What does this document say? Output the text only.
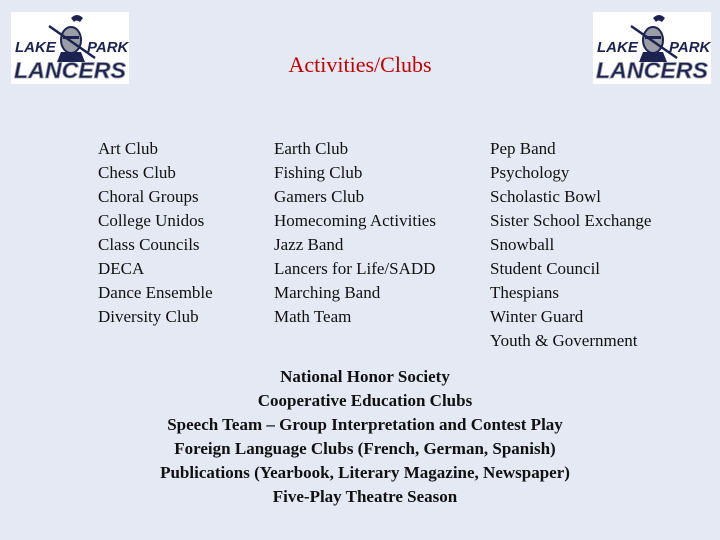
LAKE PARK
LANCERS
LAKE PARK
LANCERS
Activities/Clubs
Art Club
Chess Club
Choral Groups
College Unidos
Class Councils
DECA
Dance Ensemble
Diversity Club
Earth Club
Fishing Club
Gamers Club
Homecoming Activities
Jazz Band
Lancers for Life/SADD
Marching Band
Math Team
Pep Band
Psychology
Scholastic Bowl
Sister School Exchange
Snowball
Student Council
Thespians
Winter Guard
Youth & Government
National Honor Society
Cooperative Education Clubs
Speech Team – Group Interpretation and Contest Play
Foreign Language Clubs (French, German, Spanish)
Publications (Yearbook, Literary Magazine, Newspaper)
Five-Play Theatre Season
